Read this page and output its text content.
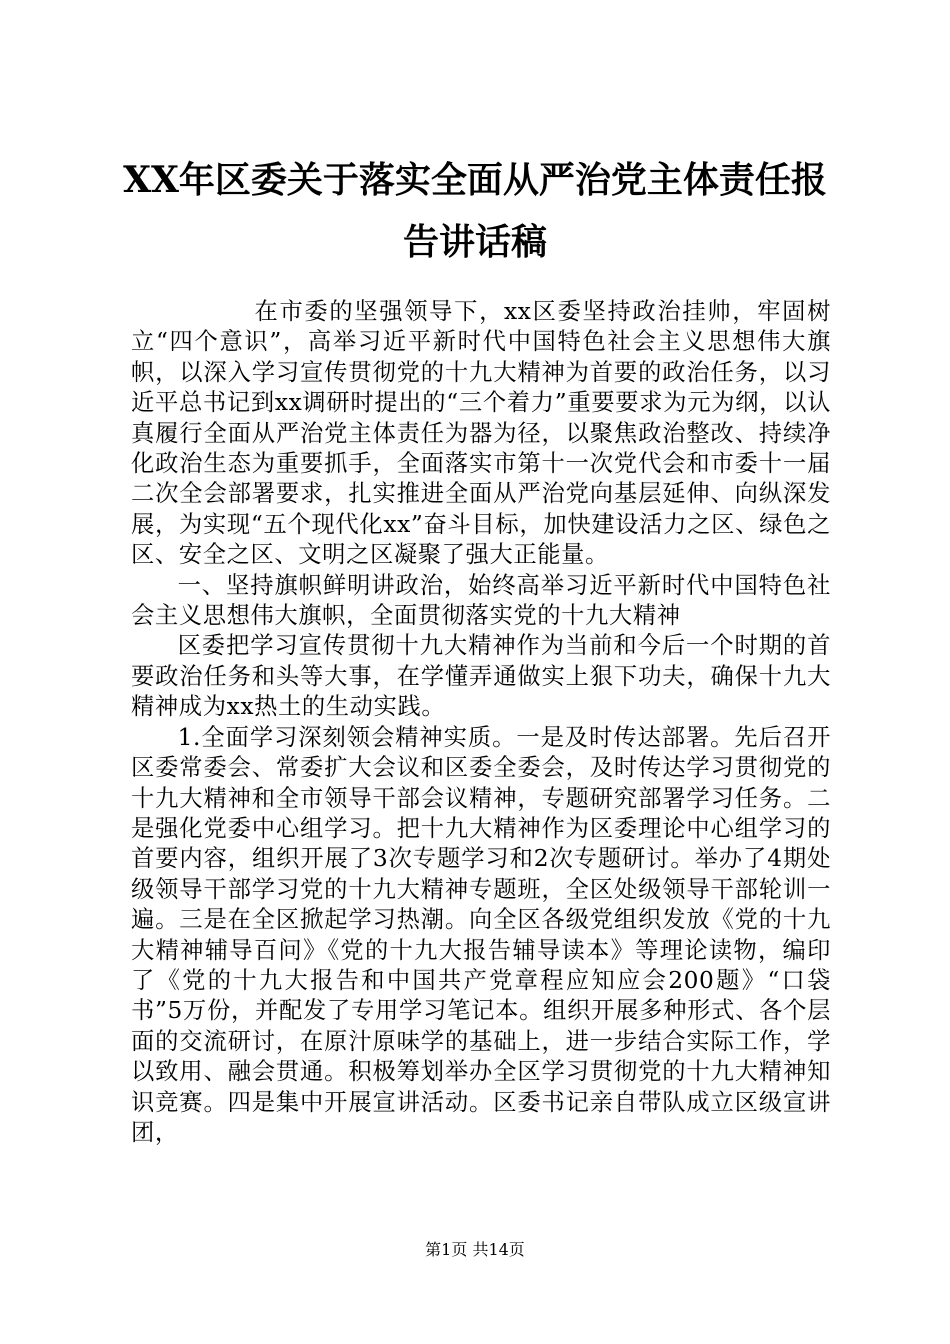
XX年区委关于落实全面从严治党主体责任报
告讲话稿

在市委的坚强领导下，xx区委坚持政治挂帅，牢固树立“四个意识”，高举习近平新时代中国特色社会主义思想伟大旗帜，以深入学习宣传贯彻党的十九大精神为首要的政治任务，以习近平总书记到xx调研时提出的“三个着力”重要要求为元为纲，以认真履行全面从严治党主体责任为器为径，以聚焦政治整改、持续净化政治生态为重要抓手，全面落实市第十一次党代会和市委十一届二次全会部署要求，扎实推进全面从严治党向基层延伸、向纵深发展，为实现“五个现代化xx”奋斗目标，加快建设活力之区、绿色之区、安全之区、文明之区凝聚了强大正能量。

一、坚持旗帜鲜明讲政治，始终高举习近平新时代中国特色社会主义思想伟大旗帜，全面贯彻落实党的十九大精神

区委把学习宣传贯彻十九大精神作为当前和今后一个时期的首要政治任务和头等大事，在学懂弄通做实上狠下功夫，确保十九大精神成为xx热土的生动实践。

1.全面学习深刻领会精神实质。一是及时传达部署。先后召开区委常委会、常委扩大会议和区委全委会，及时传达学习贯彻党的十九大精神和全市领导干部会议精神，专题研究部署学习任务。二是强化党委中心组学习。把十九大精神作为区委理论中心组学习的首要内容，组织开展了3次专题学习和2次专题研讨。举办了4期处级领导干部学习党的十九大精神专题班，全区处级领导干部轮训一遍。三是在全区掀起学习热潮。向全区各级党组织发放《党的十九大精神辅导百问》《党的十九大报告辅导读本》等理论读物，编印了《党的十九大报告和中国共产党章程应知应会200题》“口袋书”5万份，并配发了专用学习笔记本。组织开展多种形式、各个层面的交流研讨，在原汁原味学的基础上，进一步结合实际工作，学以致用、融会贯通。积极筹划举办全区学习贯彻党的十九大精神知识竞赛。四是集中开展宣讲活动。区委书记亲自带队成立区级宣讲团，

第1页 共14页
